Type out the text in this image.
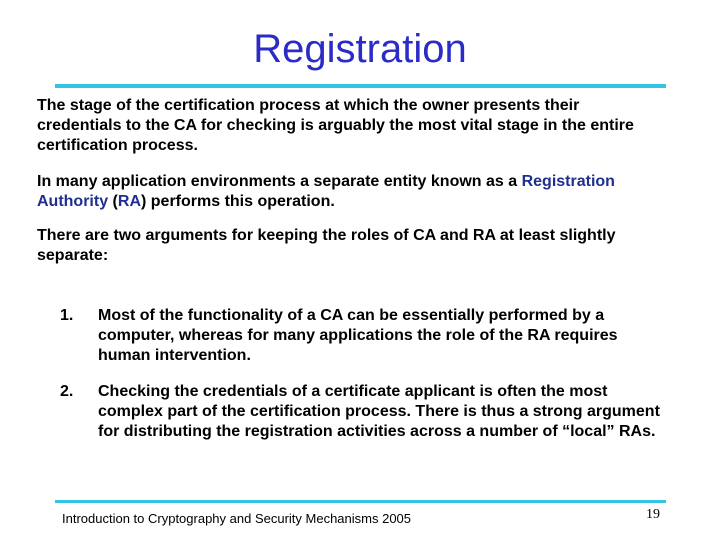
Registration
The stage of the certification process at which the owner presents their credentials to the CA for checking is arguably the most vital stage in the entire certification process.
In many application environments a separate entity known as a Registration Authority (RA) performs this operation.
There are two arguments for keeping the roles of CA and RA at least slightly separate:
1.	Most of the functionality of a CA can be essentially performed by a computer, whereas for many applications the role of the RA requires human intervention.
2.	Checking the credentials of a certificate applicant is often the most complex part of the certification process. There is thus a strong argument for distributing the registration activities across a number of “local” RAs.
Introduction to Cryptography and Security Mechanisms 2005	19
